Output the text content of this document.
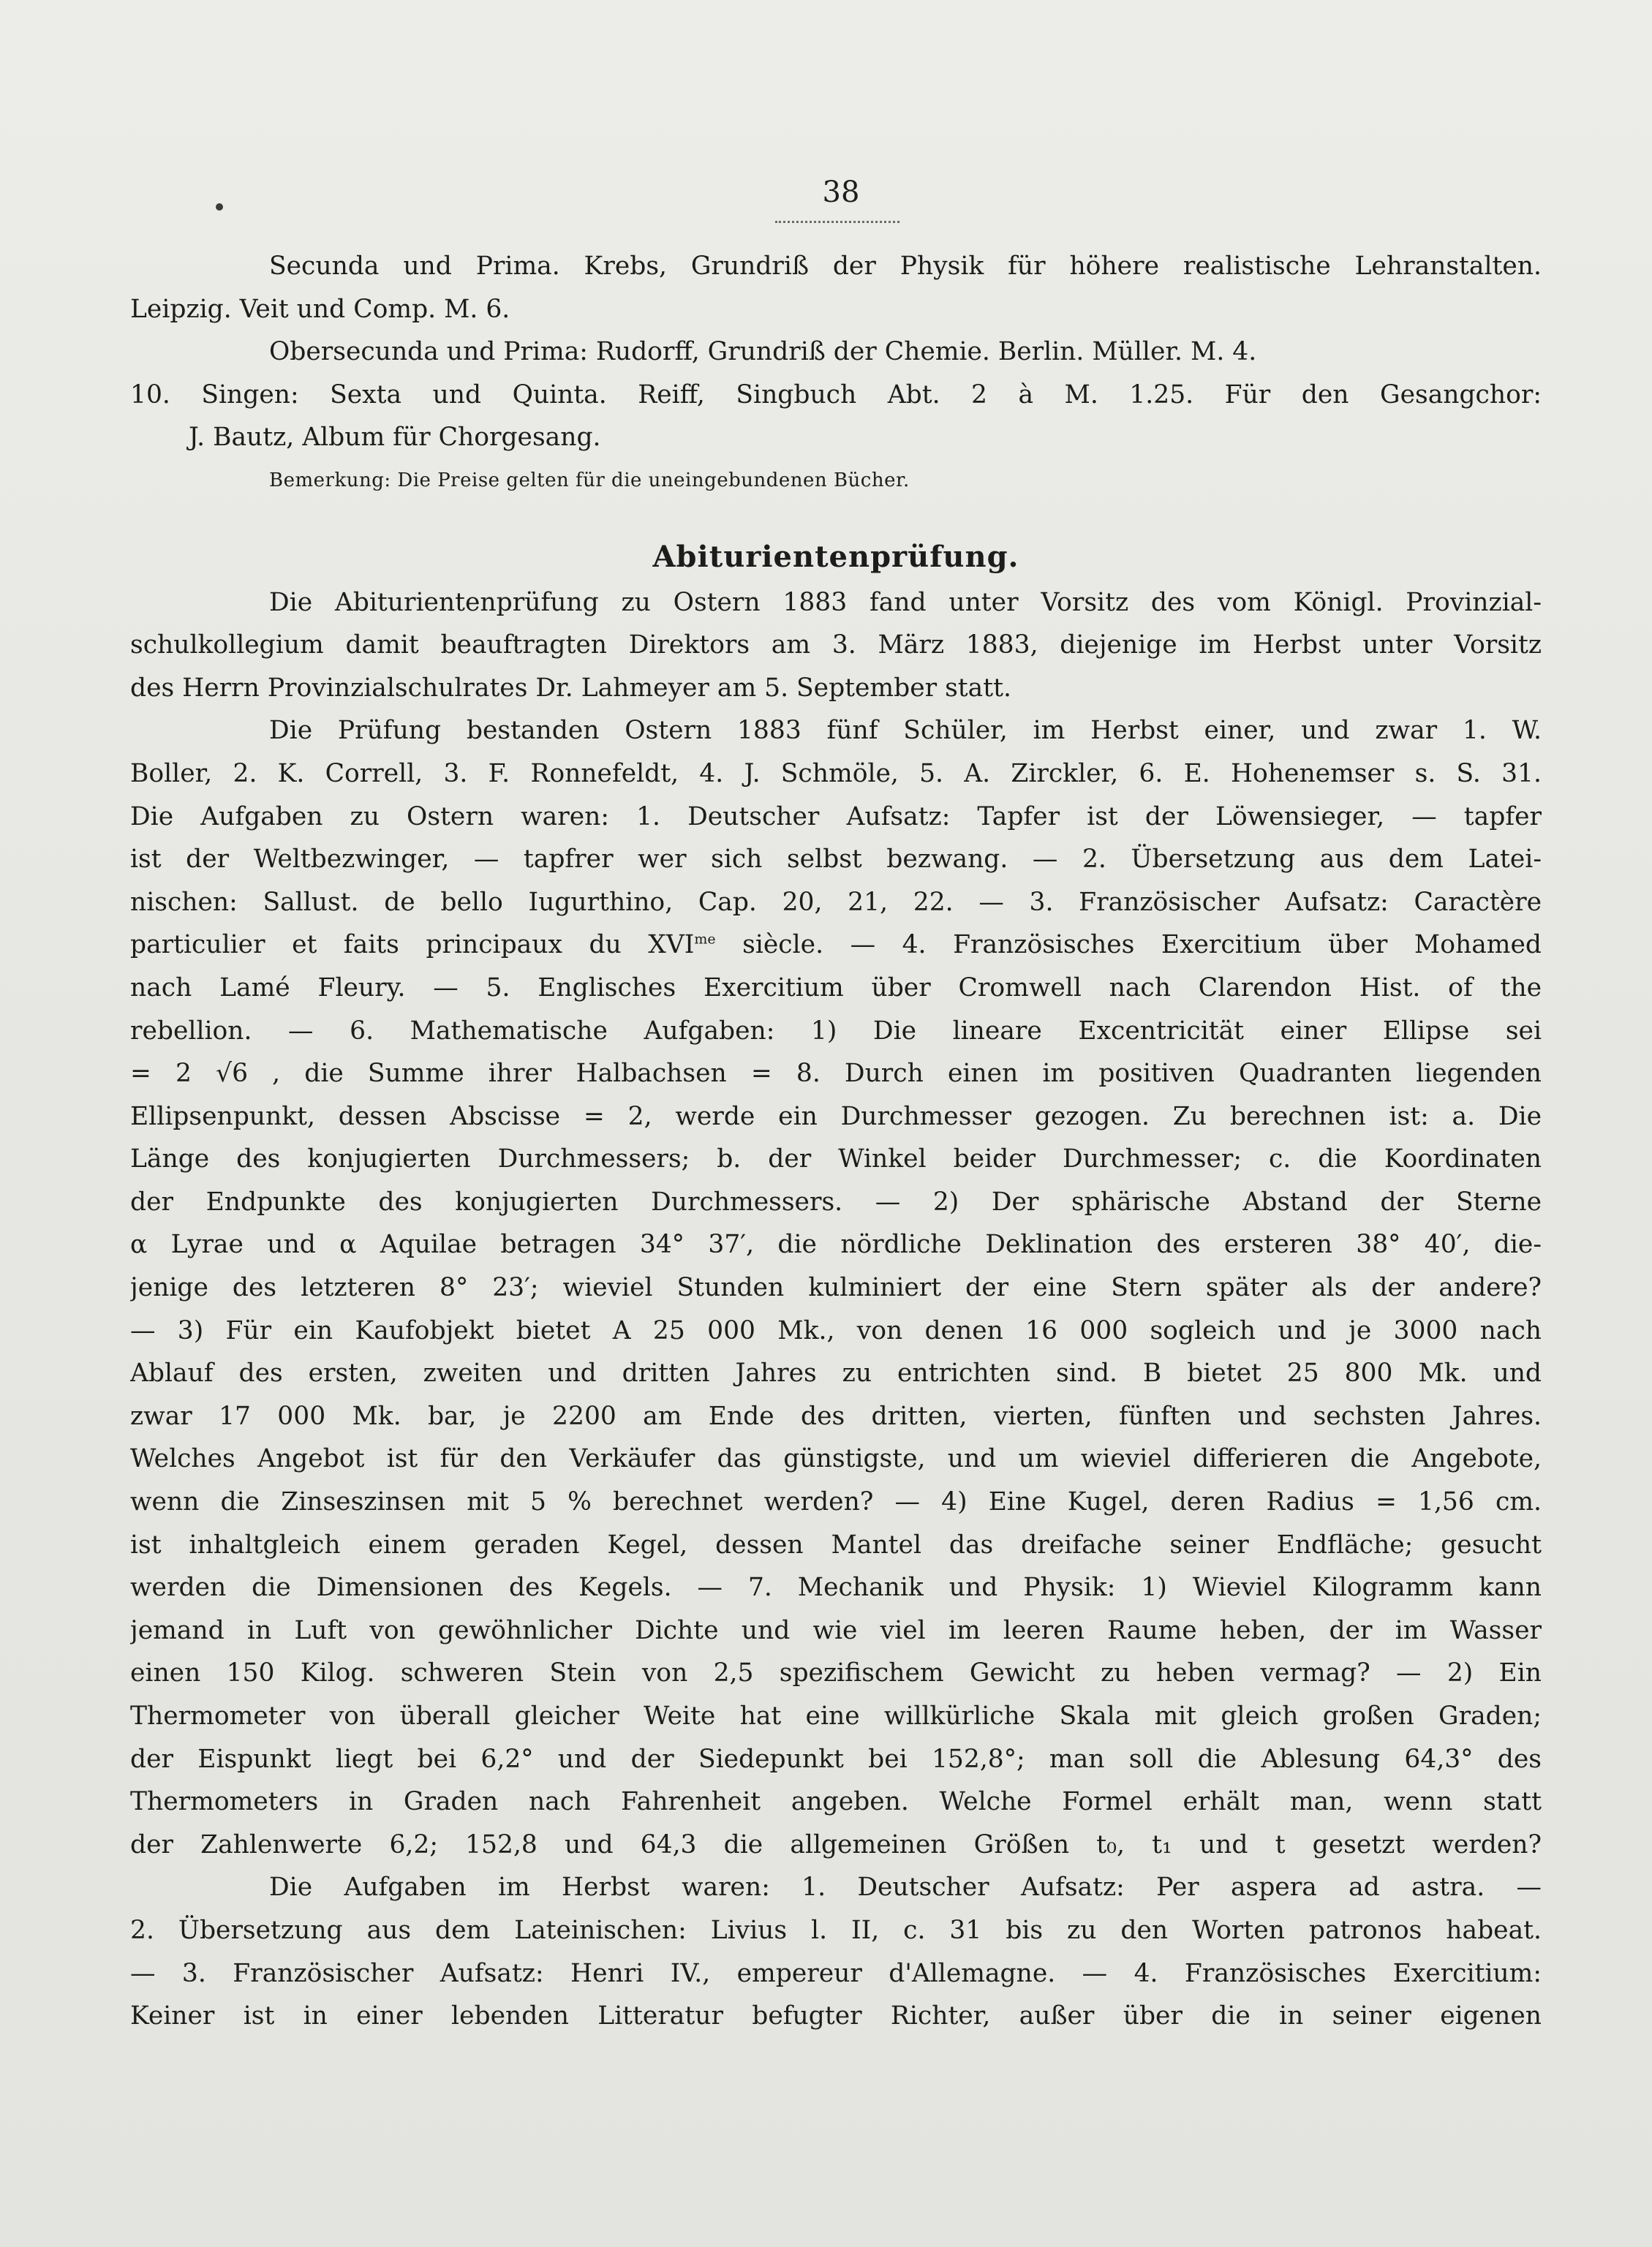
38
Secunda und Prima. Krebs, Grundriß der Physik für höhere realistische Lehranstalten.
Leipzig. Veit und Comp. M. 6.
Obersecunda und Prima: Rudorff, Grundriß der Chemie. Berlin. Müller. M. 4.
10. Singen: Sexta und Quinta. Reiff, Singbuch Abt. 2 à M. 1.25. Für den Gesangchor:
J. Bautz, Album für Chorgesang.
Bemerkung: Die Preise gelten für die uneingebundenen Bücher.
Abiturientenprüfung.
Die Abiturientenprüfung zu Ostern 1883 fand unter Vorsitz des vom Königl. Provinzial-
schulkollegium damit beauftragten Direktors am 3. März 1883, diejenige im Herbst unter Vorsitz
des Herrn Provinzialschulrates Dr. Lahmeyer am 5. September statt.
Die Prüfung bestanden Ostern 1883 fünf Schüler, im Herbst einer, und zwar 1. W.
Boller, 2. K. Correll, 3. F. Ronnefeldt, 4. J. Schmöle, 5. A. Zirckler, 6. E. Hohenemser s. S. 31.
Die Aufgaben zu Ostern waren: 1. Deutscher Aufsatz: Tapfer ist der Löwensieger, — tapfer
ist der Weltbezwinger, — tapfrer wer sich selbst bezwang. — 2. Übersetzung aus dem Latei-
nischen: Sallust. de bello Iugurthino, Cap. 20, 21, 22. — 3. Französischer Aufsatz: Caractère
particulier et faits principaux du $XVI^{me}$ siècle. — 4. Französisches Exercitium über Mohamed
nach Lamé Fleury. — 5. Englisches Exercitium über Cromwell nach Clarendon Hist. of the
rebellion. — 6. Mathematische Aufgaben: 1) Die lineare Excentricität einer Ellipse sei
= 2 √6 , die Summe ihrer Halbachsen = 8. Durch einen im positiven Quadranten liegenden
Ellipsenpunkt, dessen Abscisse = 2, werde ein Durchmesser gezogen. Zu berechnen ist: a. Die
Länge des konjugierten Durchmessers; b. der Winkel beider Durchmesser; c. die Koordinaten
der Endpunkte des konjugierten Durchmessers. — 2) Der sphärische Abstand der Sterne
α Lyrae und α Aquilae betragen 34° 37′, die nördliche Deklination des ersteren 38° 40′, die-
jenige des letzteren 8° 23′; wieviel Stunden kulminiert der eine Stern später als der andere?
— 3) Für ein Kaufobjekt bietet A 25 000 Mk., von denen 16 000 sogleich und je 3000 nach
Ablauf des ersten, zweiten und dritten Jahres zu entrichten sind. B bietet 25 800 Mk. und
zwar 17 000 Mk. bar, je 2200 am Ende des dritten, vierten, fünften und sechsten Jahres.
Welches Angebot ist für den Verkäufer das günstigste, und um wieviel differieren die Angebote,
wenn die Zinseszinsen mit 5 % berechnet werden? — 4) Eine Kugel, deren Radius = 1,56 cm.
ist inhaltgleich einem geraden Kegel, dessen Mantel das dreifache seiner Endfläche; gesucht
werden die Dimensionen des Kegels. — 7. Mechanik und Physik: 1) Wieviel Kilogramm kann
jemand in Luft von gewöhnlicher Dichte und wie viel im leeren Raume heben, der im Wasser
einen 150 Kilog. schweren Stein von 2,5 spezifischem Gewicht zu heben vermag? — 2) Ein
Thermometer von überall gleicher Weite hat eine willkürliche Skala mit gleich großen Graden;
der Eispunkt liegt bei 6,2° und der Siedepunkt bei 152,8°; man soll die Ablesung 64,3° des
Thermometers in Graden nach Fahrenheit angeben. Welche Formel erhält man, wenn statt
der Zahlenwerte 6,2; 152,8 und 64,3 die allgemeinen Größen t₀, t₁ und t gesetzt werden?
Die Aufgaben im Herbst waren: 1. Deutscher Aufsatz: Per aspera ad astra. —
2. Übersetzung aus dem Lateinischen: Livius l. II, c. 31 bis zu den Worten patronos habeat.
— 3. Französischer Aufsatz: Henri IV., empereur d'Allemagne. — 4. Französisches Exercitium:
Keiner ist in einer lebenden Litteratur befugter Richter, außer über die in seiner eigenen
